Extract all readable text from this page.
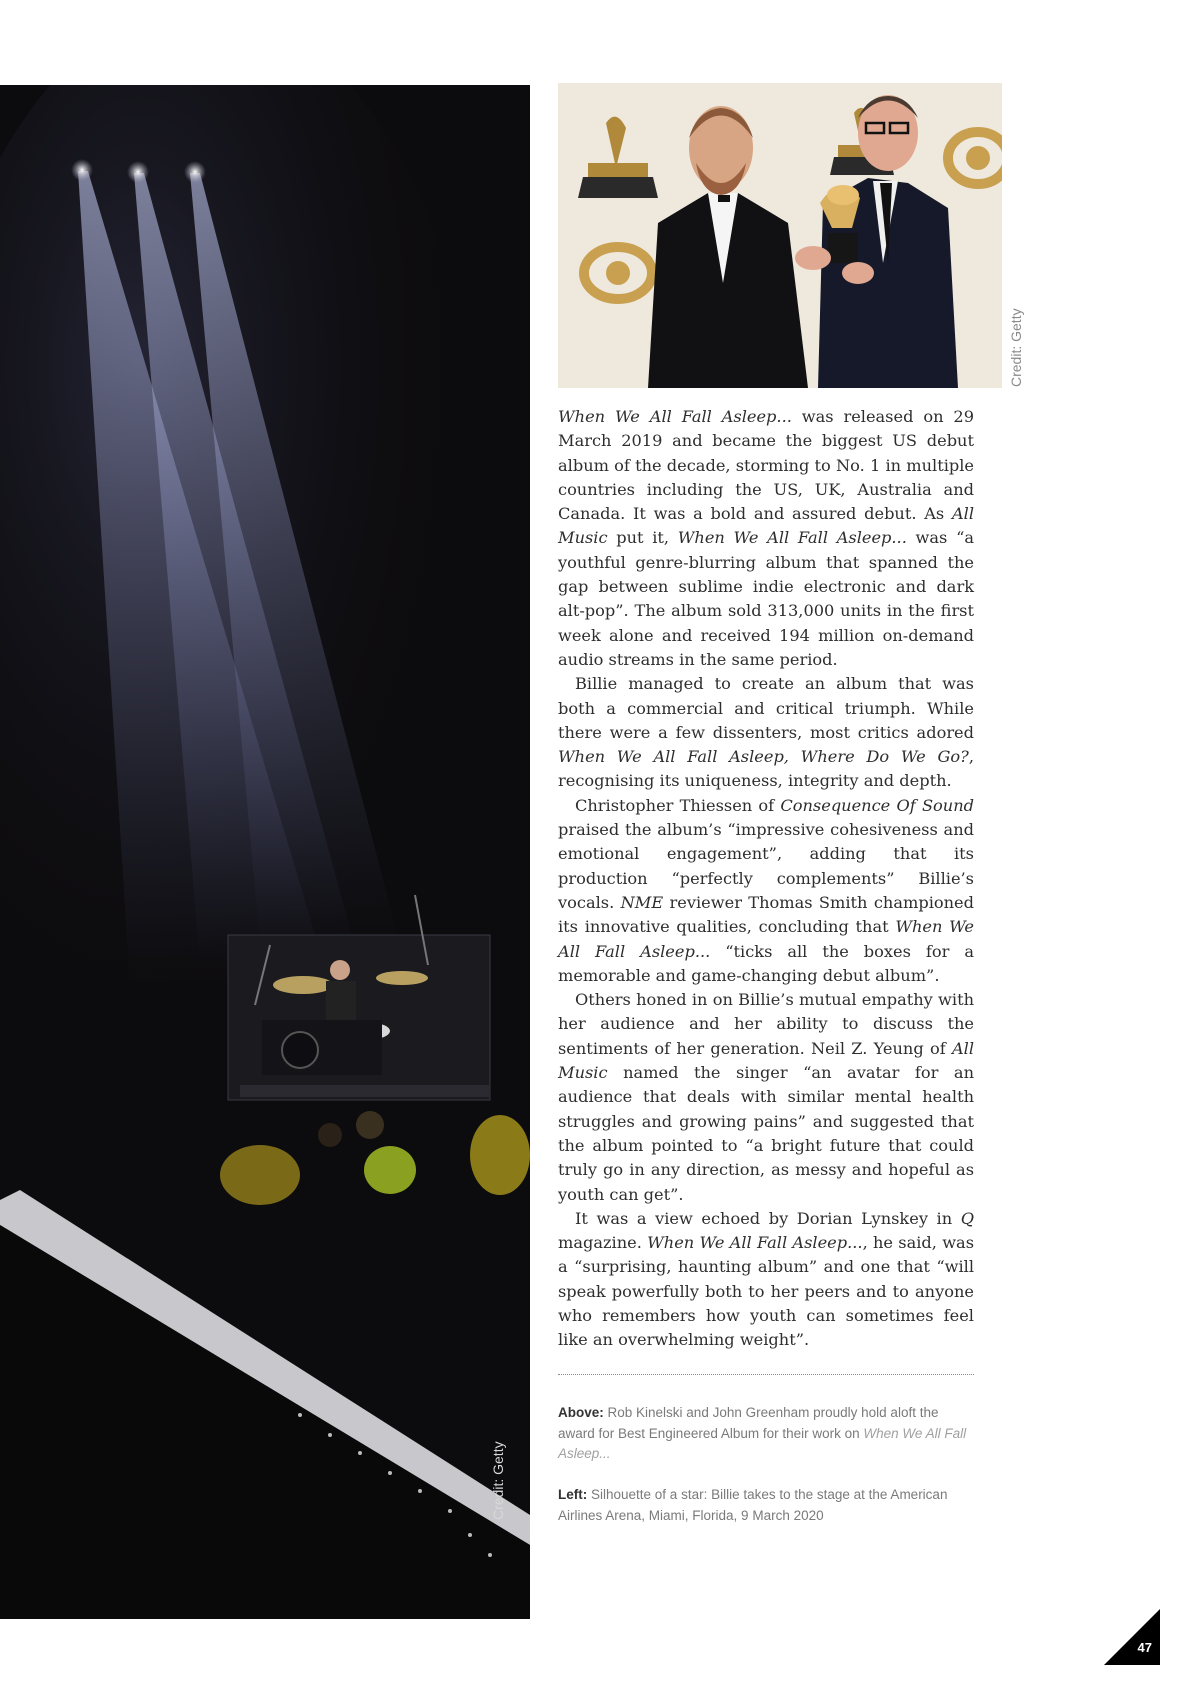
Credit: Getty
Credit: Getty

When We All Fall Asleep... was released on 29 March 2019 and became the biggest US debut album of the decade, storming to No. 1 in multiple countries including the US, UK, Australia and Canada. It was a bold and assured debut. As All Music put it, When We All Fall Asleep... was “a youthful genre-blurring album that spanned the gap between sublime indie electronic and dark alt-pop”. The album sold 313,000 units in the first week alone and received 194 million on-demand audio streams in the same period.

Billie managed to create an album that was both a commercial and critical triumph. While there were a few dissenters, most critics adored When We All Fall Asleep, Where Do We Go?, recognising its uniqueness, integrity and depth.

Christopher Thiessen of Consequence Of Sound praised the album’s “impressive cohesiveness and emotional engagement”, adding that its production “perfectly complements” Billie’s vocals. NME reviewer Thomas Smith championed its innovative qualities, concluding that When We All Fall Asleep... “ticks all the boxes for a memorable and game-changing debut album”.

Others honed in on Billie’s mutual empathy with her audience and her ability to discuss the sentiments of her generation. Neil Z. Yeung of All Music named the singer “an avatar for an audience that deals with similar mental health struggles and growing pains” and suggested that the album pointed to “a bright future that could truly go in any direction, as messy and hopeful as youth can get”.

It was a view echoed by Dorian Lynskey in Q magazine. When We All Fall Asleep..., he said, was a “surprising, haunting album” and one that “will speak powerfully both to her peers and to anyone who remembers how youth can sometimes feel like an overwhelming weight”.

Above: Rob Kinelski and John Greenham proudly hold aloft the award for Best Engineered Album for their work on When We All Fall Asleep...
Left: Silhouette of a star: Billie takes to the stage at the American Airlines Arena, Miami, Florida, 9 March 2020
47
